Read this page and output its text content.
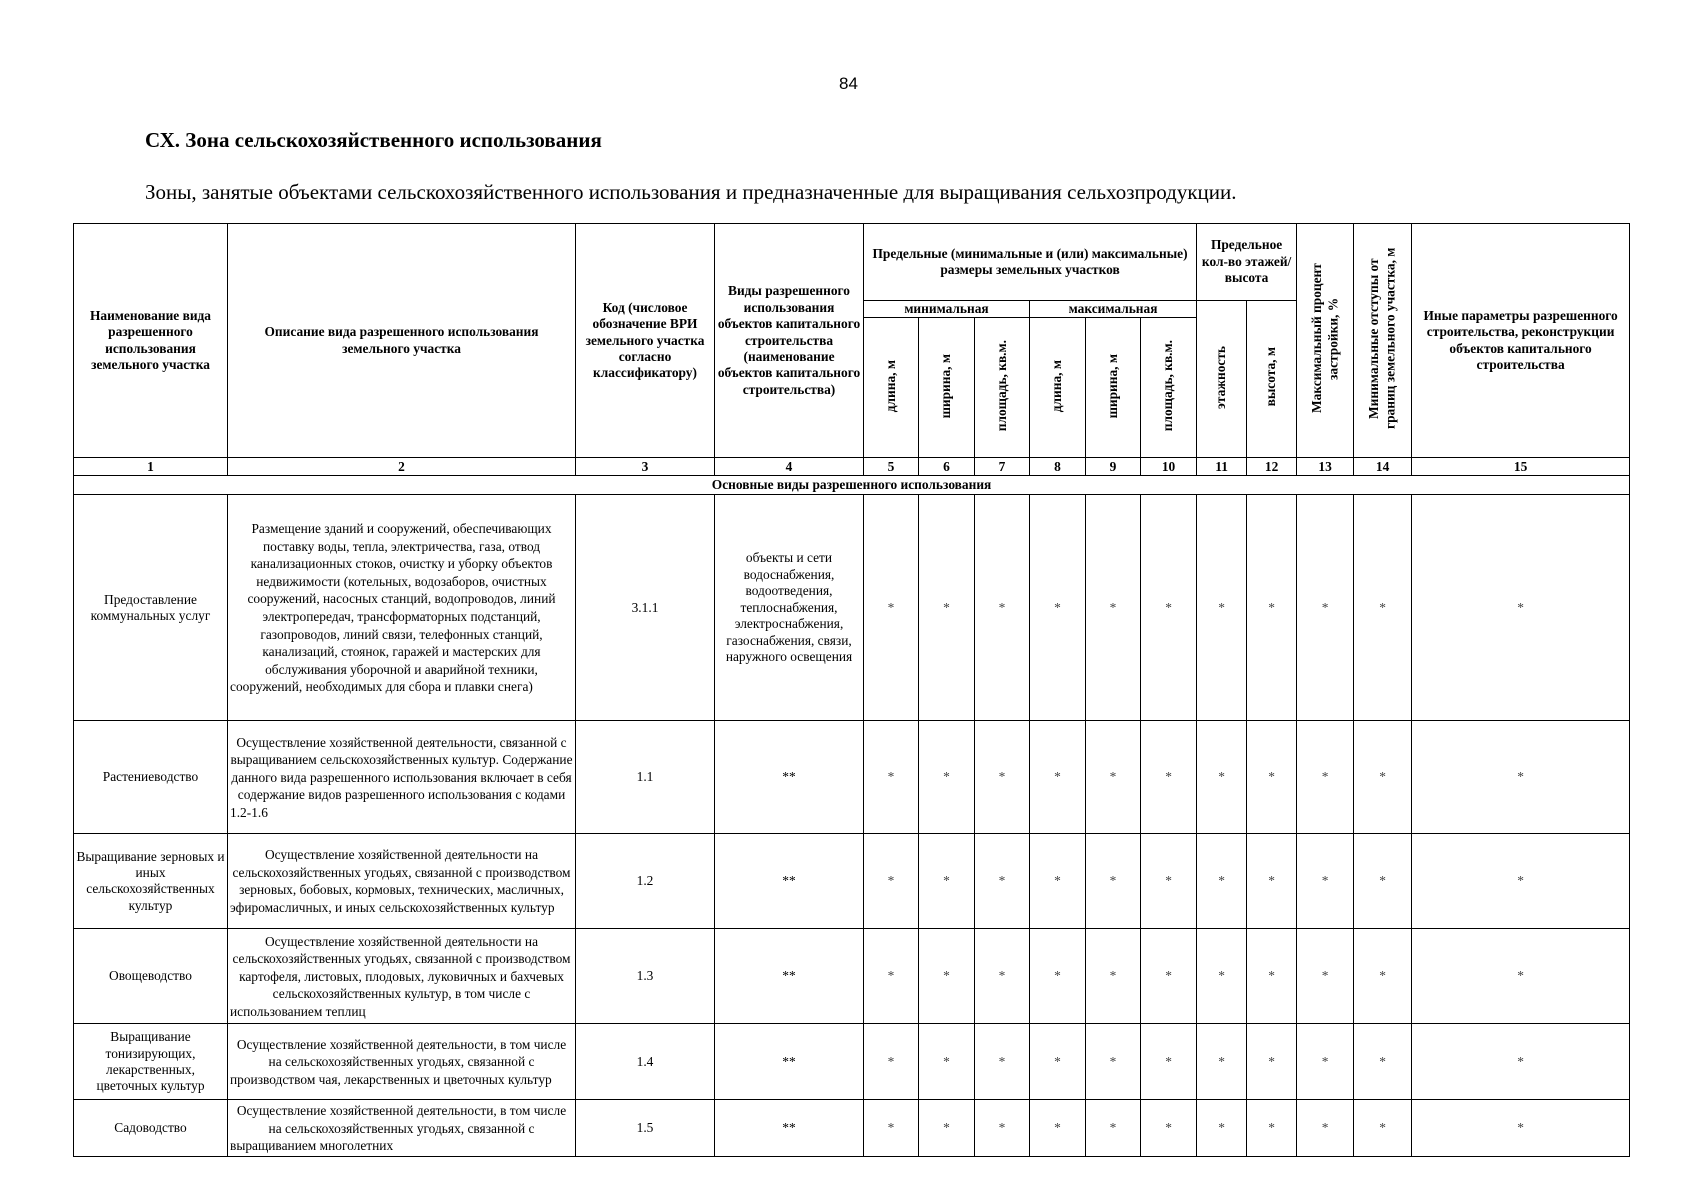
84
СХ. Зона сельскохозяйственного использования
Зоны, занятые объектами сельскохозяйственного использования и предназначенные для выращивания сельхозпродукции.
Наименование вида разрешенного использования земельного участка	Описание вида разрешенного использования земельного участка	Код (числовое обозначение ВРИ земельного участка согласно классификатору)	Виды разрешенного использования объектов капитального строительства (наименование объектов капитального строительства)	Предельные (минимальные и (или) максимальные) размеры земельных участков						Предельное кол-во этажей/ высота		Максимальный процент застройки, %	Минимальные отступы от границ земельного участка, м	Иные параметры разрешенного строительства, реконструкции объектов капитального строительства
				минимальная			максимальная			этажность	высота, м			
				длина, м	ширина, м	площадь, кв.м.	длина, м	ширина, м	площадь, кв.м.					
1	2	3	4	5	6	7	8	9	10	11	12	13	14	15
Основные виды разрешенного использования														
Предоставление коммунальных услуг	Размещение зданий и сооружений, обеспечивающих поставку воды, тепла, электричества, газа, отвод канализационных стоков, очистку и уборку объектов недвижимости (котельных, водозаборов, очистных сооружений, насосных станций, водопроводов, линий электропередач, трансформаторных подстанций, газопроводов, линий связи, телефонных станций, канализаций, стоянок, гаражей и мастерских для обслуживания уборочной и аварийной техники, сооружений, необходимых для сбора и плавки снега)	3.1.1	объекты и сети водоснабжения, водоотведения, теплоснабжения, электроснабжения, газоснабжения, связи, наружного освещения	*	*	*	*	*	*	*	*	*	*	*
Растениеводство	Осуществление хозяйственной деятельности, связанной с выращиванием сельскохозяйственных культур. Содержание данного вида разрешенного использования включает в себя содержание видов разрешенного использования с кодами 1.2-1.6	1.1	**	*	*	*	*	*	*	*	*	*	*	*
Выращивание зерновых и иных сельскохозяйственных культур	Осуществление хозяйственной деятельности на сельскохозяйственных угодьях, связанной с производством зерновых, бобовых, кормовых, технических, масличных, эфиромасличных, и иных сельскохозяйственных культур	1.2	**	*	*	*	*	*	*	*	*	*	*	*
Овощеводство	Осуществление хозяйственной деятельности на сельскохозяйственных угодьях, связанной с производством картофеля, листовых, плодовых, луковичных и бахчевых сельскохозяйственных культур, в том числе с использованием теплиц	1.3	**	*	*	*	*	*	*	*	*	*	*	*
Выращивание тонизирующих, лекарственных, цветочных культур	Осуществление хозяйственной деятельности, в том числе на сельскохозяйственных угодьях, связанной с производством чая, лекарственных и цветочных культур	1.4	**	*	*	*	*	*	*	*	*	*	*	*
Садоводство	Осуществление хозяйственной деятельности, в том числе на сельскохозяйственных угодьях, связанной с выращиванием многолетних	1.5	**	*	*	*	*	*	*	*	*	*	*	*
